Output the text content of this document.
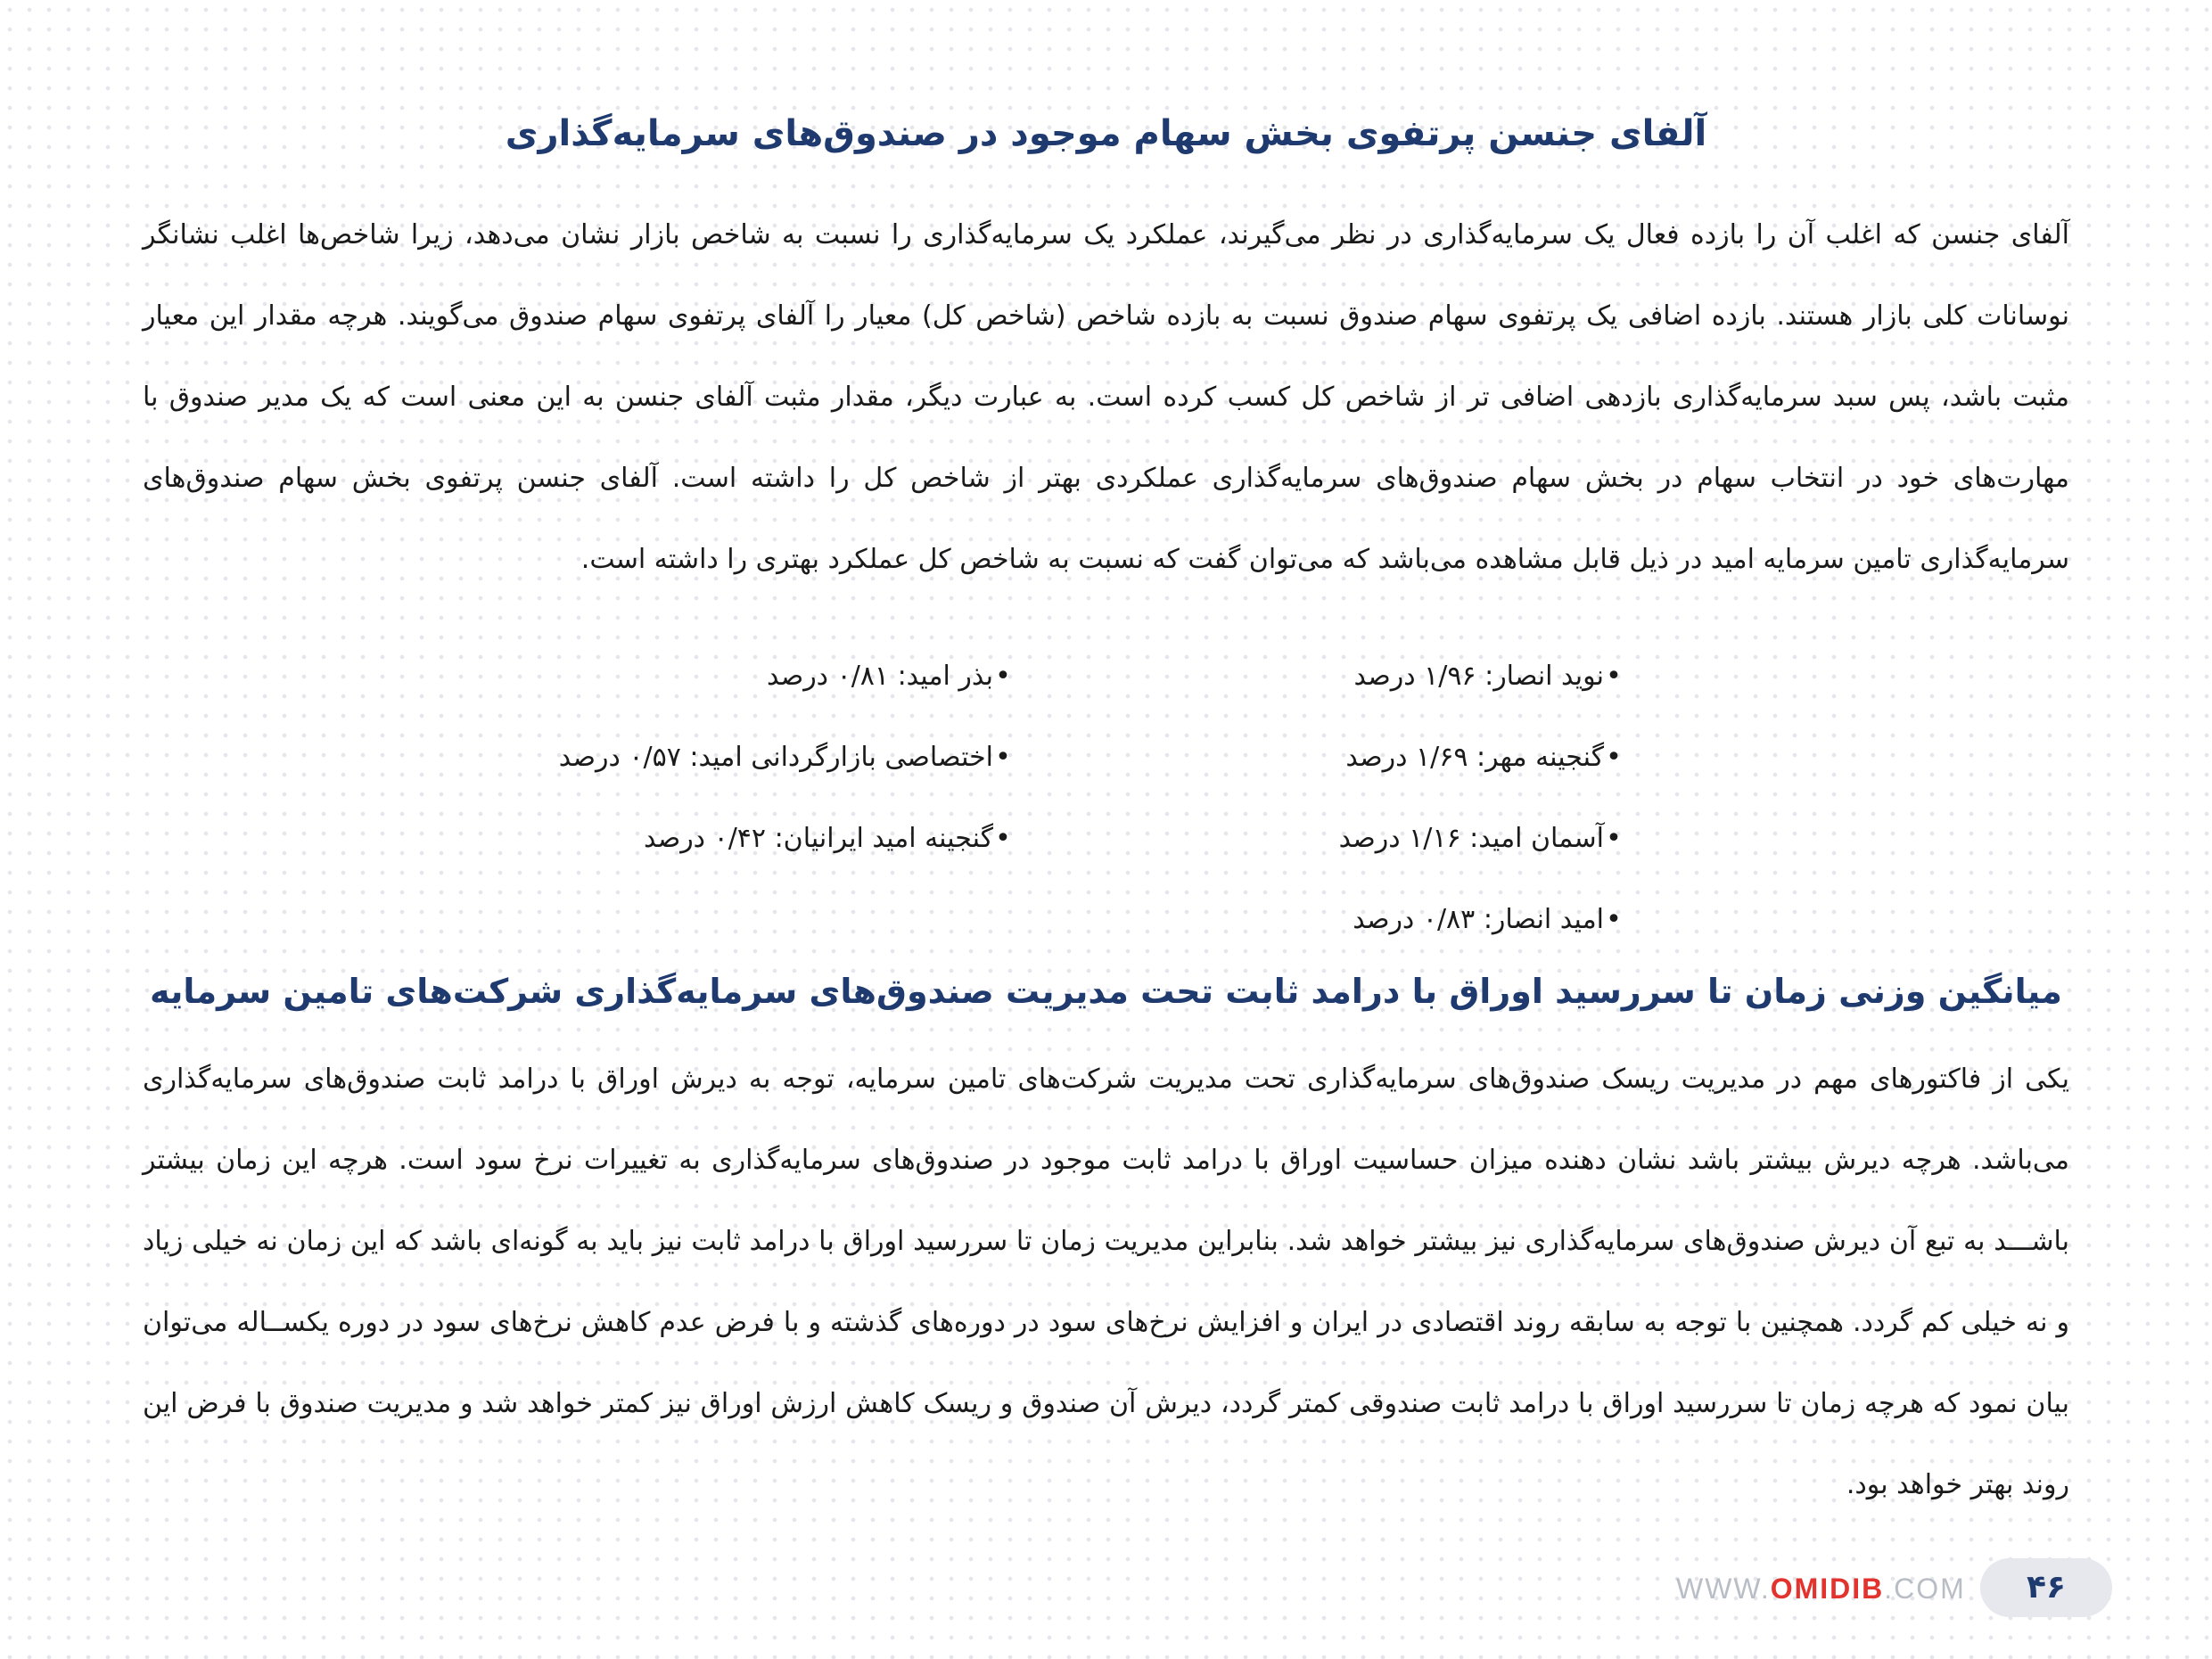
آلفای جنسن پرتفوی بخش سهام موجود در صندوق‌های سرمایه‌گذاری

آلفای جنسن که اغلب آن را بازده فعال یک سرمایه‌گذاری در نظر می‌گیرند، عملکرد یک سرمایه‌گذاری را نسبت به شاخص بازار نشان می‌دهد، زیرا شاخص‌ها اغلب نشانگر نوسانات کلی بازار هستند. بازده اضافی یک پرتفوی سهام صندوق نسبت به بازده شاخص (شاخص کل) معیار را آلفای پرتفوی سهام صندوق می‌گویند. هرچه مقدار این معیار مثبت باشد، پس سبد سرمایه‌گذاری بازدهی اضافی تر از شاخص کل کسب کرده است. به عبارت دیگر، مقدار مثبت آلفای جنسن به این معنی است که یک مدیر صندوق با مهارت‌های خود در انتخاب سهام در بخش سهام صندوق‌های سرمایه‌گذاری عملکردی بهتر از شاخص کل را داشته است. آلفای جنسن پرتفوی بخش سهام صندوق‌های سرمایه‌گذاری تامین سرمایه امید در ذیل قابل مشاهده می‌باشد که می‌توان گفت که نسبت به شاخص کل عملکرد بهتری را داشته است.

•نوید انصار: ۱/۹۶ درصد
•گنجینه مهر: ۱/۶۹ درصد
•آسمان امید: ۱/۱۶ درصد
•امید انصار: ۰/۸۳ درصد
•بذر امید: ۰/۸۱ درصد
•اختصاصی بازارگردانی امید: ۰/۵۷ درصد
•گنجینه امید ایرانیان: ۰/۴۲ درصد
میانگین وزنی زمان تا سررسید اوراق با درامد ثابت تحت مدیریت صندوق‌های سرمایه‌گذاری شرکت‌های تامین سرمایه

یکی از فاکتورهای مهم در مدیریت ریسک صندوق‌های سرمایه‌گذاری تحت مدیریت شرکت‌های تامین سرمایه، توجه به دیرش اوراق با درامد ثابت صندوق‌های سرمایه‌گذاری می‌باشد. هرچه دیرش بیشتر باشد نشان دهنده میزان حساسیت اوراق با درامد ثابت موجود در صندوق‌های سرمایه‌گذاری به تغییرات نرخ سود است. هرچه این زمان بیشتر باشـــد به تبع آن دیرش صندوق‌های سرمایه‌گذاری نیز بیشتر خواهد شد. بنابراین مدیریت زمان تا سررسید اوراق با درامد ثابت نیز باید به گونه‌ای باشد که این زمان نه خیلی زیاد و نه خیلی کم گردد. همچنین با توجه به سابقه روند اقتصادی در ایران و افزایش نرخ‌های سود در دوره‌های گذشته و با فرض عدم کاهش نرخ‌های سود در دوره یکســاله می‌توان بیان نمود که هرچه زمان تا سررسید اوراق با درامد ثابت صندوقی کمتر گردد، دیرش آن صندوق و ریسک کاهش ارزش اوراق نیز کمتر خواهد شد و مدیریت صندوق با فرض این روند بهتر خواهد بود.

WWW.OMIDIB.COM	۴۶
